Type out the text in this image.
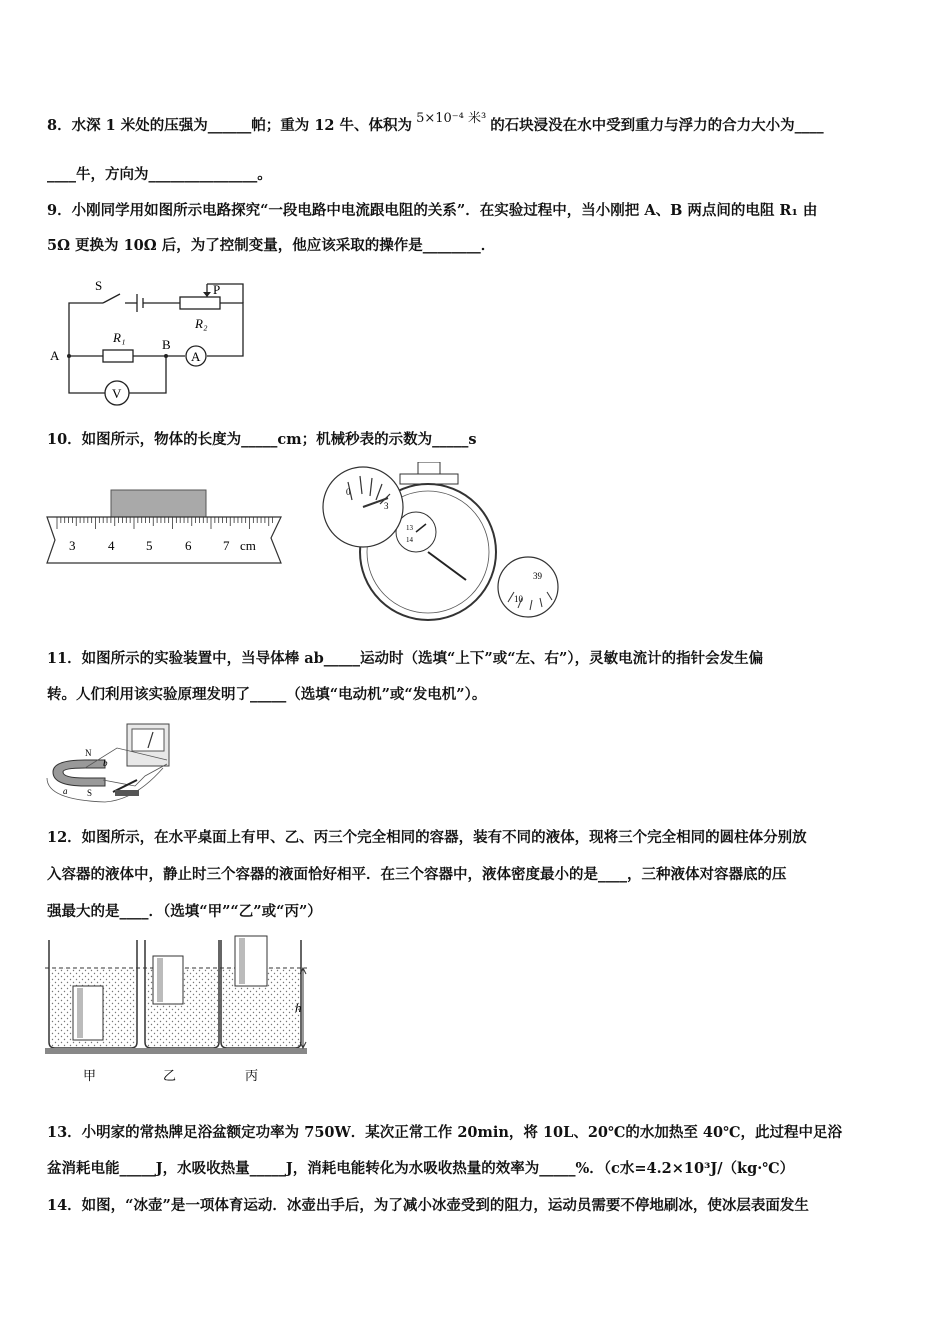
8．水深 1 米处的压强为______帕；重为 12 牛、体积为 5×10⁻⁴ 米³ 的石块浸没在水中受到重力与浮力的合力大小为____
____牛，方向为_______________。
9．小刚同学用如图所示电路探究“一段电路中电流跟电阻的关系”．在实验过程中，当小刚把 A、B 两点间的电阻 R₁ 由
5Ω 更换为 10Ω 后，为了控制变量，他应该采取的操作是________．
S	P
R₂
R₁
A
B
A
V
10．如图所示，物体的长度为_____cm；机械秒表的示数为_____s
3	4 5	6 7 cm
0
3
13
14
39
10
11．如图所示的实验装置中，当导体棒 ab_____运动时（选填“上下”或“左、右”），灵敏电流计的指针会发生偏
转。人们利用该实验原理发明了_____（选填“电动机”或“发电机”）。
N
S
a
b
12．如图所示，在水平桌面上有甲、乙、丙三个完全相同的容器，装有不同的液体，现将三个完全相同的圆柱体分别放
入容器的液体中，静止时三个容器的液面恰好相平．在三个容器中，液体密度最小的是____，三种液体对容器底的压
强最大的是____．（选填“甲”“乙”或“丙”）
h
甲	乙	丙
13．小明家的常热牌足浴盆额定功率为 750W．某次正常工作 20min，将 10L、20℃的水加热至 40℃，此过程中足浴
盆消耗电能_____J，水吸收热量_____J，消耗电能转化为水吸收热量的效率为_____%．（c水=4.2×10³J/（kg·℃）
14．如图，“冰壶”是一项体育运动．冰壶出手后，为了减小冰壶受到的阻力，运动员需要不停地刷冰，使冰层表面发生
